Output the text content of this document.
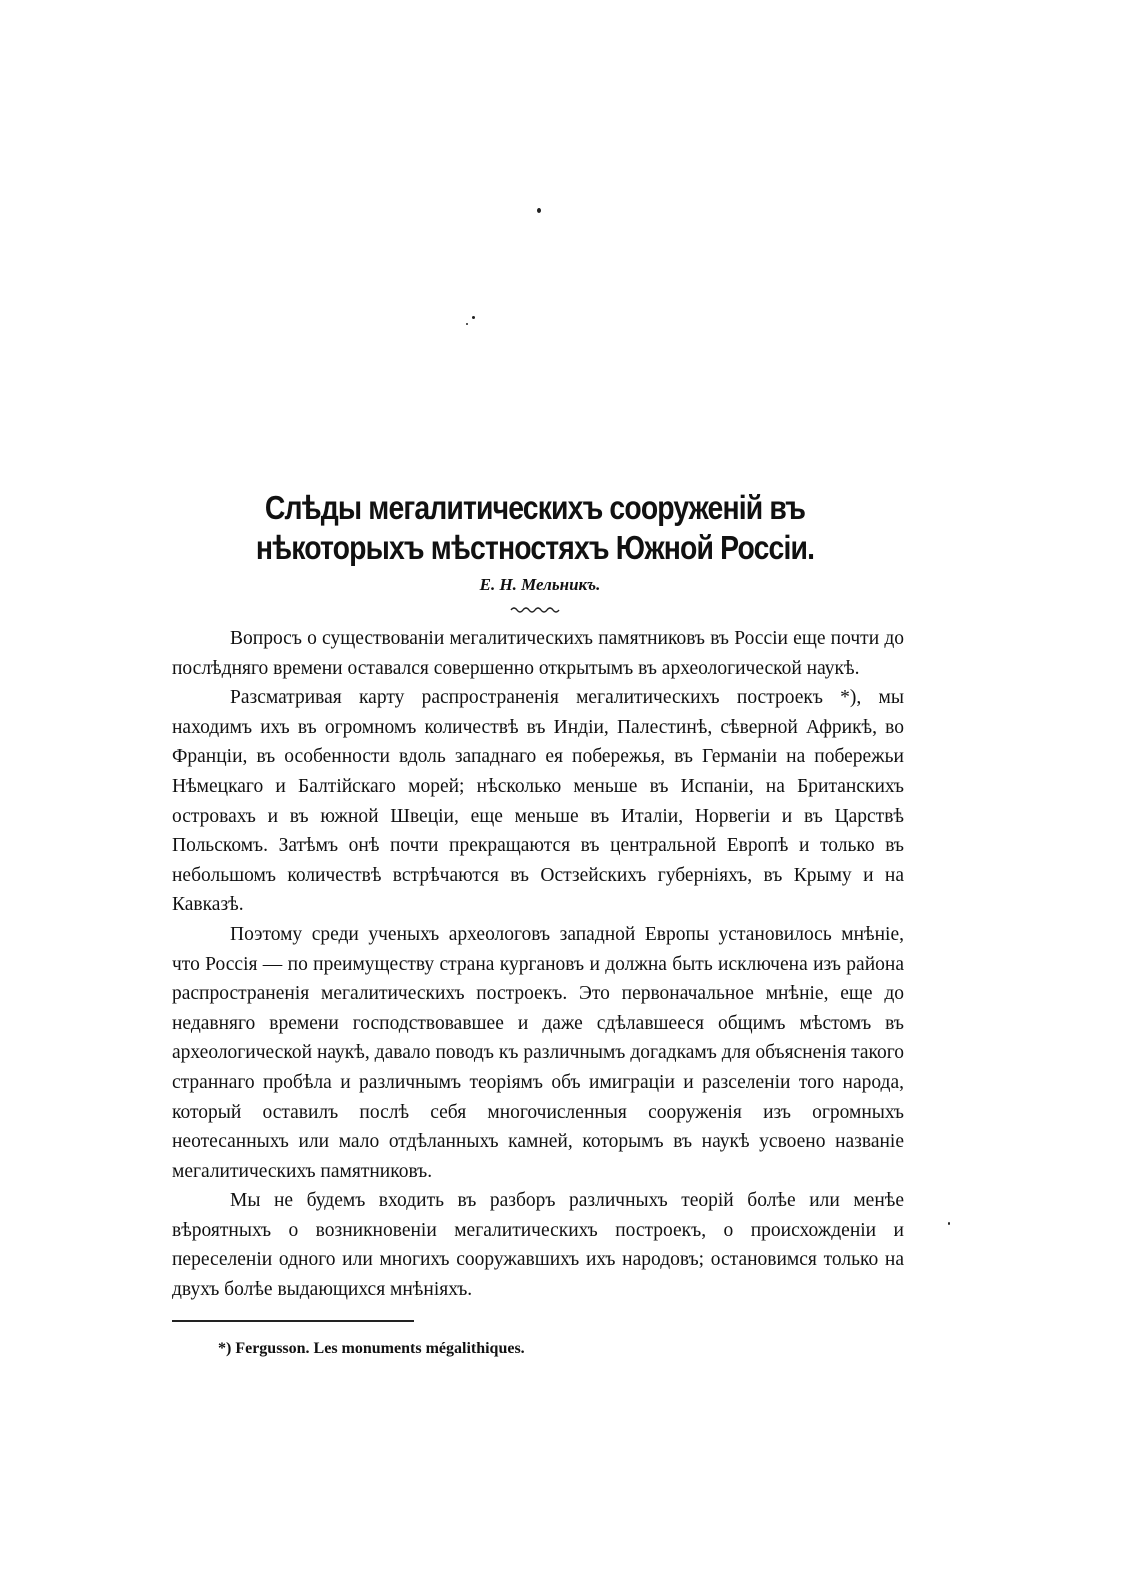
Слѣды мегалитическихъ сооруженій въ нѣкоторыхъ мѣстностяхъ Южной Россіи.
Е. Н. Мельникъ.

Вопросъ о существованіи мегалитическихъ памятниковъ въ Россіи еще почти до послѣдняго времени оставался совершенно открытымъ въ археологической наукѣ.

Разсматривая карту распространенія мегалитическихъ построекъ *), мы находимъ ихъ въ огромномъ количествѣ въ Индіи, Палестинѣ, сѣверной Африкѣ, во Франціи, въ особенности вдоль западнаго ея побережья, въ Германіи на побережьи Нѣмецкаго и Балтійскаго морей; нѣсколько меньше въ Испаніи, на Британскихъ островахъ и въ южной Швеціи, еще меньше въ Италіи, Норвегіи и въ Царствѣ Польскомъ. Затѣмъ онѣ почти прекращаются въ центральной Европѣ и только въ небольшомъ количествѣ встрѣчаются въ Остзейскихъ губерніяхъ, въ Крыму и на Кавказѣ.

Поэтому среди ученыхъ археологовъ западной Европы установилось мнѣніе, что Россія — по преимуществу страна кургановъ и должна быть исключена изъ района распространенія мегалитическихъ построекъ. Это первоначальное мнѣніе, еще до недавняго времени господствовавшее и даже сдѣлавшееся общимъ мѣстомъ въ археологической наукѣ, давало поводъ къ различнымъ догадкамъ для объясненія такого страннаго пробѣла и различнымъ теоріямъ объ имиграціи и разселеніи того народа, который оставилъ послѣ себя многочисленныя сооруженія изъ огромныхъ неотесанныхъ или мало отдѣланныхъ камней, которымъ въ наукѣ усвоено названіе мегалитическихъ памятниковъ.

Мы не будемъ входить въ разборъ различныхъ теорій болѣе или менѣе вѣроятныхъ о возникновеніи мегалитическихъ построекъ, о происхожденіи и переселеніи одного или многихъ сооружавшихъ ихъ народовъ; остановимся только на двухъ болѣе выдающихся мнѣніяхъ.

*) Fergusson. Les monuments mégalithiques.
